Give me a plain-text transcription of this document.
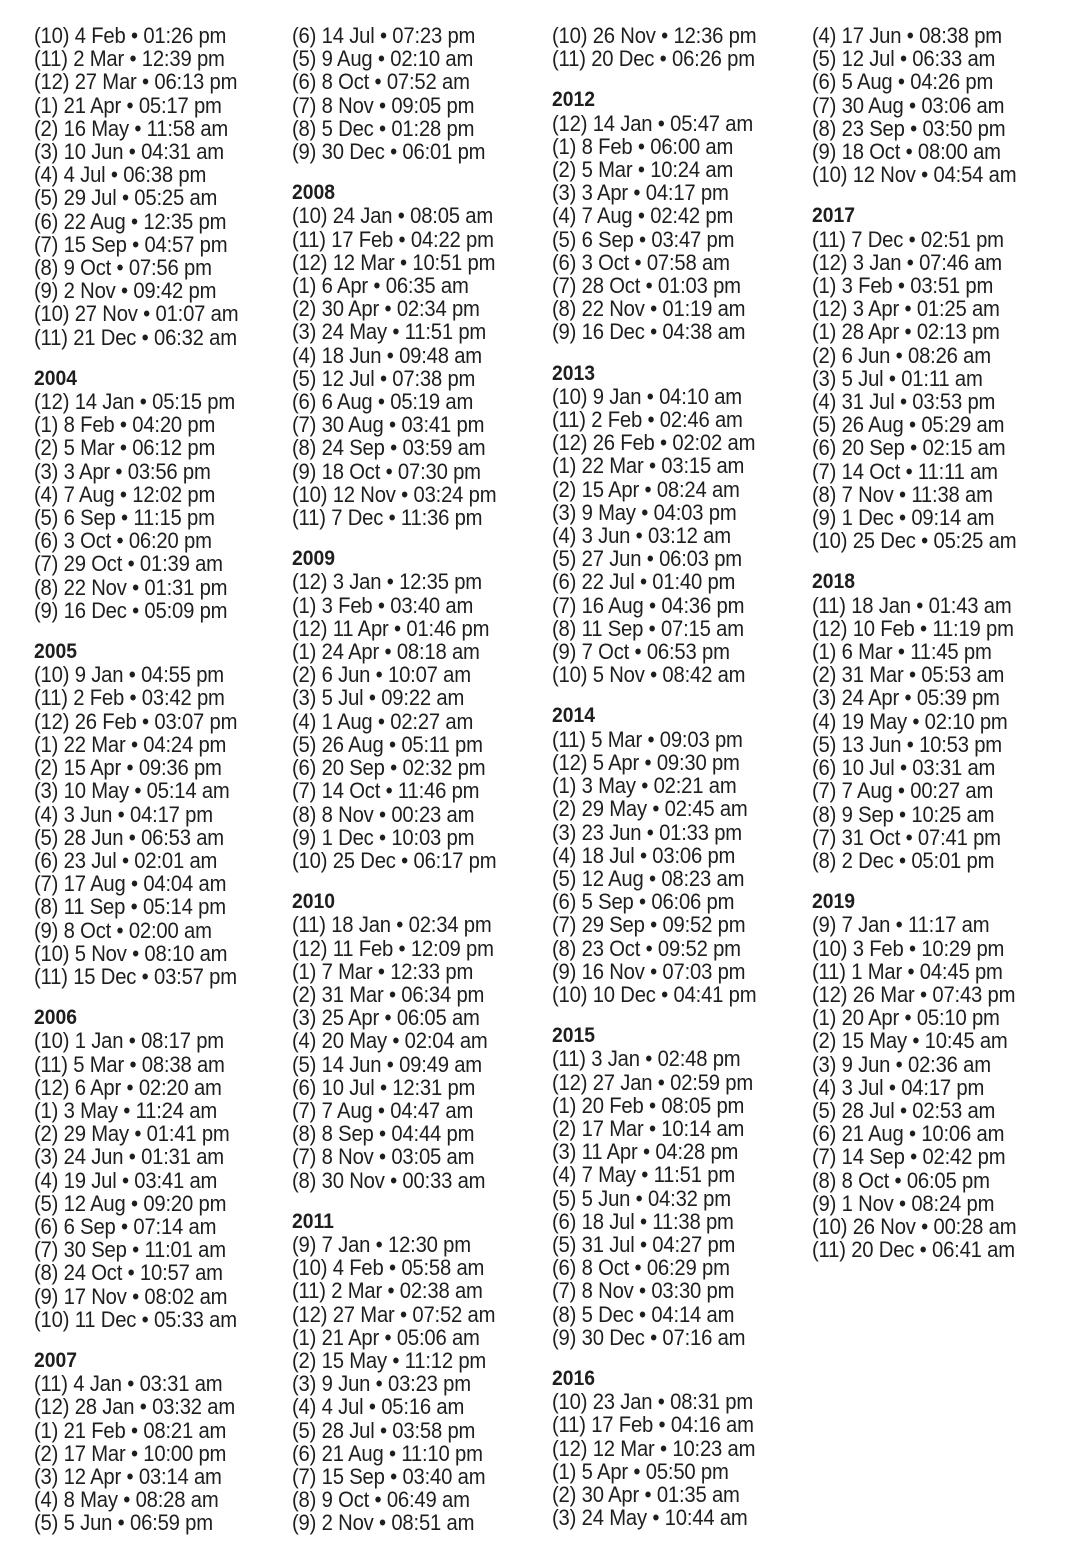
(10) 4 Feb • 01:26 pm
(11) 2 Mar • 12:39 pm
(12) 27 Mar • 06:13 pm
(1) 21 Apr • 05:17 pm
(2) 16 May • 11:58 am
(3) 10 Jun • 04:31 am
(4) 4 Jul • 06:38 pm
(5) 29 Jul • 05:25 am
(6) 22 Aug • 12:35 pm
(7) 15 Sep • 04:57 pm
(8) 9 Oct • 07:56 pm
(9) 2 Nov • 09:42 pm
(10) 27 Nov • 01:07 am
(11) 21 Dec • 06:32 am
2004
(12) 14 Jan • 05:15 pm
(1) 8 Feb • 04:20 pm
(2) 5 Mar • 06:12 pm
(3) 3 Apr • 03:56 pm
(4) 7 Aug • 12:02 pm
(5) 6 Sep • 11:15 pm
(6) 3 Oct • 06:20 pm
(7) 29 Oct • 01:39 am
(8) 22 Nov • 01:31 pm
(9) 16 Dec • 05:09 pm
2005
(10) 9 Jan • 04:55 pm
(11) 2 Feb • 03:42 pm
(12) 26 Feb • 03:07 pm
(1) 22 Mar • 04:24 pm
(2) 15 Apr • 09:36 pm
(3) 10 May • 05:14 am
(4) 3 Jun • 04:17 pm
(5) 28 Jun • 06:53 am
(6) 23 Jul • 02:01 am
(7) 17 Aug • 04:04 am
(8) 11 Sep • 05:14 pm
(9) 8 Oct • 02:00 am
(10) 5 Nov • 08:10 am
(11) 15 Dec • 03:57 pm
2006
(10) 1 Jan • 08:17 pm
(11) 5 Mar • 08:38 am
(12) 6 Apr • 02:20 am
(1) 3 May • 11:24 am
(2) 29 May • 01:41 pm
(3) 24 Jun • 01:31 am
(4) 19 Jul • 03:41 am
(5) 12 Aug • 09:20 pm
(6) 6 Sep • 07:14 am
(7) 30 Sep • 11:01 am
(8) 24 Oct • 10:57 am
(9) 17 Nov • 08:02 am
(10) 11 Dec • 05:33 am
2007
(11) 4 Jan • 03:31 am
(12) 28 Jan • 03:32 am
(1) 21 Feb • 08:21 am
(2) 17 Mar • 10:00 pm
(3) 12 Apr • 03:14 am
(4) 8 May • 08:28 am
(5) 5 Jun • 06:59 pm
(6) 14 Jul • 07:23 pm
(5) 9 Aug • 02:10 am
(6) 8 Oct • 07:52 am
(7) 8 Nov • 09:05 pm
(8) 5 Dec • 01:28 pm
(9) 30 Dec • 06:01 pm
2008
(10) 24 Jan • 08:05 am
(11) 17 Feb • 04:22 pm
(12) 12 Mar • 10:51 pm
(1) 6 Apr • 06:35 am
(2) 30 Apr • 02:34 pm
(3) 24 May • 11:51 pm
(4) 18 Jun • 09:48 am
(5) 12 Jul • 07:38 pm
(6) 6 Aug • 05:19 am
(7) 30 Aug • 03:41 pm
(8) 24 Sep • 03:59 am
(9) 18 Oct • 07:30 pm
(10) 12 Nov • 03:24 pm
(11) 7 Dec • 11:36 pm
2009
(12) 3 Jan • 12:35 pm
(1) 3 Feb • 03:40 am
(12) 11 Apr • 01:46 pm
(1) 24 Apr • 08:18 am
(2) 6 Jun • 10:07 am
(3) 5 Jul • 09:22 am
(4) 1 Aug • 02:27 am
(5) 26 Aug • 05:11 pm
(6) 20 Sep • 02:32 pm
(7) 14 Oct • 11:46 pm
(8) 8 Nov • 00:23 am
(9) 1 Dec • 10:03 pm
(10) 25 Dec • 06:17 pm
2010
(11) 18 Jan • 02:34 pm
(12) 11 Feb • 12:09 pm
(1) 7 Mar • 12:33 pm
(2) 31 Mar • 06:34 pm
(3) 25 Apr • 06:05 am
(4) 20 May • 02:04 am
(5) 14 Jun • 09:49 am
(6) 10 Jul • 12:31 pm
(7) 7 Aug • 04:47 am
(8) 8 Sep • 04:44 pm
(7) 8 Nov • 03:05 am
(8) 30 Nov • 00:33 am
2011
(9) 7 Jan • 12:30 pm
(10) 4 Feb • 05:58 am
(11) 2 Mar • 02:38 am
(12) 27 Mar • 07:52 am
(1) 21 Apr • 05:06 am
(2) 15 May • 11:12 pm
(3) 9 Jun • 03:23 pm
(4) 4 Jul • 05:16 am
(5) 28 Jul • 03:58 pm
(6) 21 Aug • 11:10 pm
(7) 15 Sep • 03:40 am
(8) 9 Oct • 06:49 am
(9) 2 Nov • 08:51 am
(10) 26 Nov • 12:36 pm
(11) 20 Dec • 06:26 pm
2012
(12) 14 Jan • 05:47 am
(1) 8 Feb • 06:00 am
(2) 5 Mar • 10:24 am
(3) 3 Apr • 04:17 pm
(4) 7 Aug • 02:42 pm
(5) 6 Sep • 03:47 pm
(6) 3 Oct • 07:58 am
(7) 28 Oct • 01:03 pm
(8) 22 Nov • 01:19 am
(9) 16 Dec • 04:38 am
2013
(10) 9 Jan • 04:10 am
(11) 2 Feb • 02:46 am
(12) 26 Feb • 02:02 am
(1) 22 Mar • 03:15 am
(2) 15 Apr • 08:24 am
(3) 9 May • 04:03 pm
(4) 3 Jun • 03:12 am
(5) 27 Jun • 06:03 pm
(6) 22 Jul • 01:40 pm
(7) 16 Aug • 04:36 pm
(8) 11 Sep • 07:15 am
(9) 7 Oct • 06:53 pm
(10) 5 Nov • 08:42 am
2014
(11) 5 Mar • 09:03 pm
(12) 5 Apr • 09:30 pm
(1) 3 May • 02:21 am
(2) 29 May • 02:45 am
(3) 23 Jun • 01:33 pm
(4) 18 Jul • 03:06 pm
(5) 12 Aug • 08:23 am
(6) 5 Sep • 06:06 pm
(7) 29 Sep • 09:52 pm
(8) 23 Oct • 09:52 pm
(9) 16 Nov • 07:03 pm
(10) 10 Dec • 04:41 pm
2015
(11) 3 Jan • 02:48 pm
(12) 27 Jan • 02:59 pm
(1) 20 Feb • 08:05 pm
(2) 17 Mar • 10:14 am
(3) 11 Apr • 04:28 pm
(4) 7 May • 11:51 pm
(5) 5 Jun • 04:32 pm
(6) 18 Jul • 11:38 pm
(5) 31 Jul • 04:27 pm
(6) 8 Oct • 06:29 pm
(7) 8 Nov • 03:30 pm
(8) 5 Dec • 04:14 am
(9) 30 Dec • 07:16 am
2016
(10) 23 Jan • 08:31 pm
(11) 17 Feb • 04:16 am
(12) 12 Mar • 10:23 am
(1) 5 Apr • 05:50 pm
(2) 30 Apr • 01:35 am
(3) 24 May • 10:44 am
(4) 17 Jun • 08:38 pm
(5) 12 Jul • 06:33 am
(6) 5 Aug • 04:26 pm
(7) 30 Aug • 03:06 am
(8) 23 Sep • 03:50 pm
(9) 18 Oct • 08:00 am
(10) 12 Nov • 04:54 am
2017
(11) 7 Dec • 02:51 pm
(12) 3 Jan • 07:46 am
(1) 3 Feb • 03:51 pm
(12) 3 Apr • 01:25 am
(1) 28 Apr • 02:13 pm
(2) 6 Jun • 08:26 am
(3) 5 Jul • 01:11 am
(4) 31 Jul • 03:53 pm
(5) 26 Aug • 05:29 am
(6) 20 Sep • 02:15 am
(7) 14 Oct • 11:11 am
(8) 7 Nov • 11:38 am
(9) 1 Dec • 09:14 am
(10) 25 Dec • 05:25 am
2018
(11) 18 Jan • 01:43 am
(12) 10 Feb • 11:19 pm
(1) 6 Mar • 11:45 pm
(2) 31 Mar • 05:53 am
(3) 24 Apr • 05:39 pm
(4) 19 May • 02:10 pm
(5) 13 Jun • 10:53 pm
(6) 10 Jul • 03:31 am
(7) 7 Aug • 00:27 am
(8) 9 Sep • 10:25 am
(7) 31 Oct • 07:41 pm
(8) 2 Dec • 05:01 pm
2019
(9) 7 Jan • 11:17 am
(10) 3 Feb • 10:29 pm
(11) 1 Mar • 04:45 pm
(12) 26 Mar • 07:43 pm
(1) 20 Apr • 05:10 pm
(2) 15 May • 10:45 am
(3) 9 Jun • 02:36 am
(4) 3 Jul • 04:17 pm
(5) 28 Jul • 02:53 am
(6) 21 Aug • 10:06 am
(7) 14 Sep • 02:42 pm
(8) 8 Oct • 06:05 pm
(9) 1 Nov • 08:24 pm
(10) 26 Nov • 00:28 am
(11) 20 Dec • 06:41 am
